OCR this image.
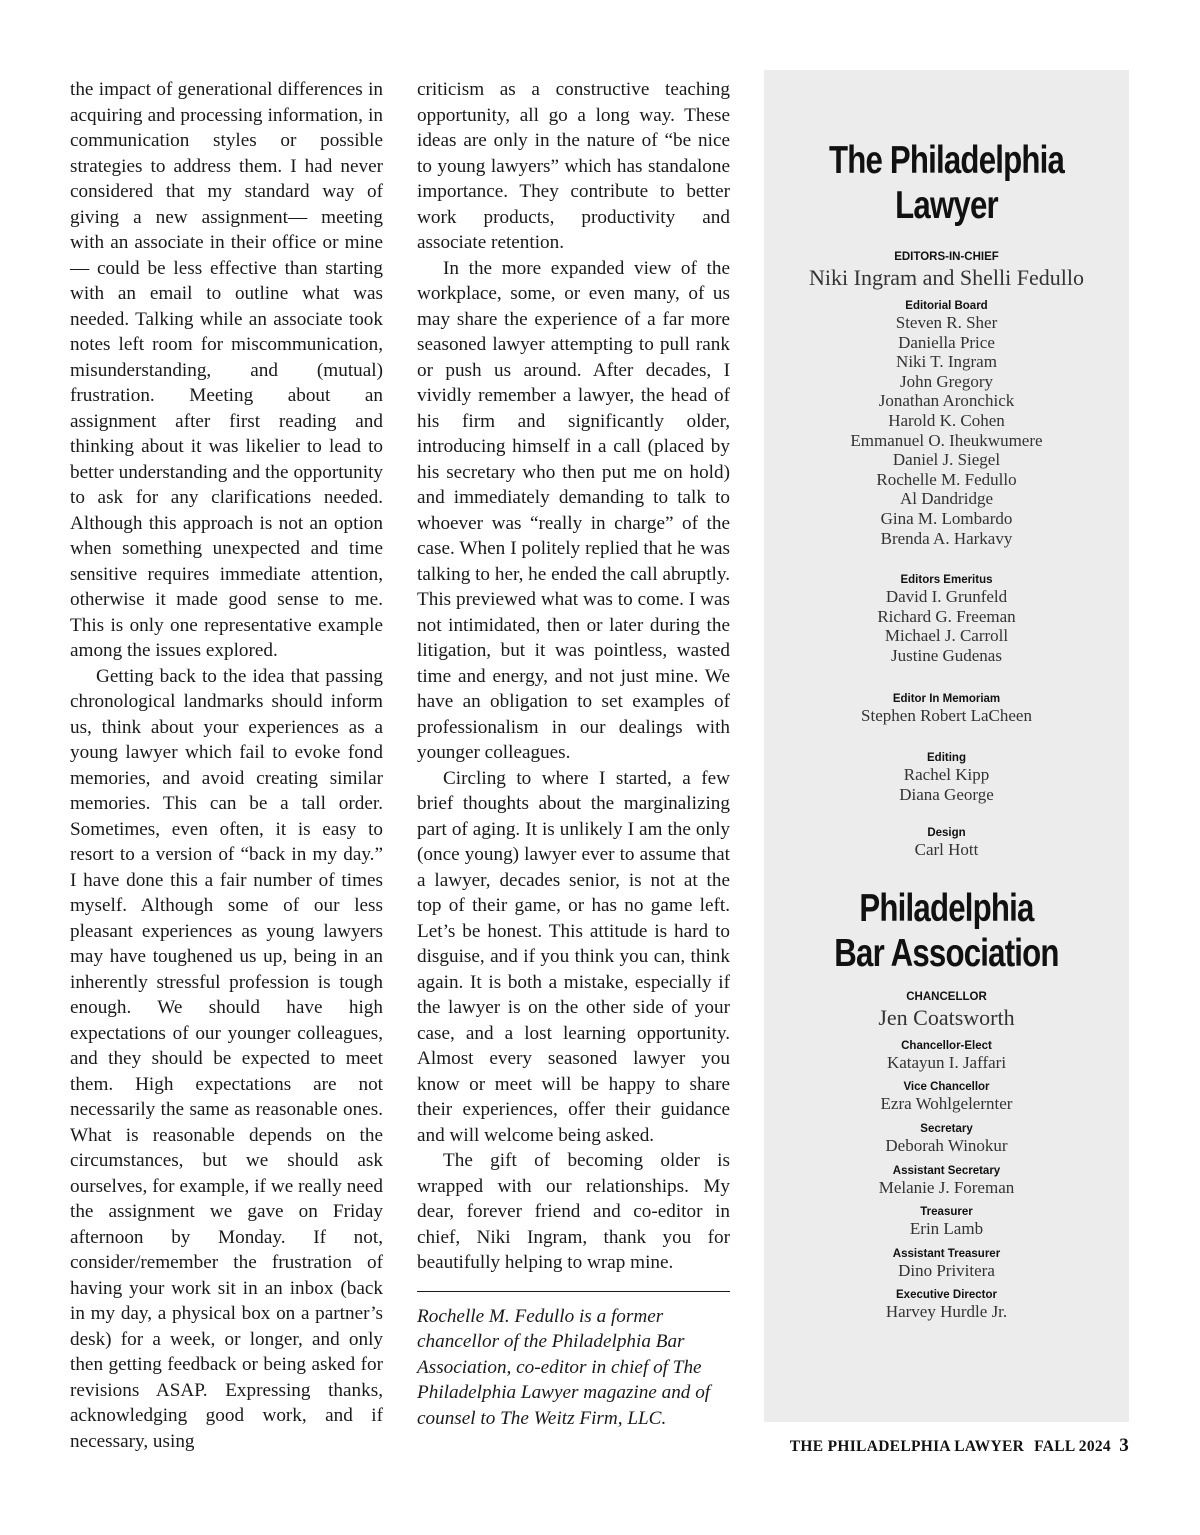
the impact of generational differences in acquiring and processing information, in communication styles or possible strategies to address them. I had never considered that my standard way of giving a new assignment— meeting with an associate in their office or mine — could be less effective than starting with an email to outline what was needed. Talking while an associate took notes left room for miscommunication, misunderstanding, and (mutual) frustration. Meeting about an assignment after first reading and thinking about it was likelier to lead to better understanding and the opportunity to ask for any clarifications needed. Although this approach is not an option when something unexpected and time sensitive requires immediate attention, otherwise it made good sense to me. This is only one representative example among the issues explored.

Getting back to the idea that passing chronological landmarks should inform us, think about your experiences as a young lawyer which fail to evoke fond memories, and avoid creating similar memories. This can be a tall order. Sometimes, even often, it is easy to resort to a version of “back in my day.” I have done this a fair number of times myself. Although some of our less pleasant experiences as young lawyers may have toughened us up, being in an inherently stressful profession is tough enough. We should have high expectations of our younger colleagues, and they should be expected to meet them. High expectations are not necessarily the same as reasonable ones. What is reasonable depends on the circumstances, but we should ask ourselves, for example, if we really need the assignment we gave on Friday afternoon by Monday. If not, consider/remember the frustration of having your work sit in an inbox (back in my day, a physical box on a partner’s desk) for a week, or longer, and only then getting feedback or being asked for revisions ASAP. Expressing thanks, acknowledging good work, and if necessary, using

criticism as a constructive teaching opportunity, all go a long way. These ideas are only in the nature of “be nice to young lawyers” which has standalone importance. They contribute to better work products, productivity and associate retention.

In the more expanded view of the workplace, some, or even many, of us may share the experience of a far more seasoned lawyer attempting to pull rank or push us around. After decades, I vividly remember a lawyer, the head of his firm and significantly older, introducing himself in a call (placed by his secretary who then put me on hold) and immediately demanding to talk to whoever was “really in charge” of the case. When I politely replied that he was talking to her, he ended the call abruptly. This previewed what was to come. I was not intimidated, then or later during the litigation, but it was pointless, wasted time and energy, and not just mine. We have an obligation to set examples of professionalism in our dealings with younger colleagues.

Circling to where I started, a few brief thoughts about the marginalizing part of aging. It is unlikely I am the only (once young) lawyer ever to assume that a lawyer, decades senior, is not at the top of their game, or has no game left. Let’s be honest. This attitude is hard to disguise, and if you think you can, think again. It is both a mistake, especially if the lawyer is on the other side of your case, and a lost learning opportunity. Almost every seasoned lawyer you know or meet will be happy to share their experiences, offer their guidance and will welcome being asked.

The gift of becoming older is wrapped with our relationships. My dear, forever friend and co-editor in chief, Niki Ingram, thank you for beautifully helping to wrap mine.

Rochelle M. Fedullo is a former chancellor of the Philadelphia Bar Association, co-editor in chief of The Philadelphia Lawyer magazine and of counsel to The Weitz Firm, LLC.

The Philadelphia
Lawyer
EDITORS-IN-CHIEF
Niki Ingram and Shelli Fedullo
Editorial Board
Steven R. Sher
Daniella Price
Niki T. Ingram
John Gregory
Jonathan Aronchick
Harold K. Cohen
Emmanuel O. Iheukwumere
Daniel J. Siegel
Rochelle M. Fedullo
Al Dandridge
Gina M. Lombardo
Brenda A. Harkavy
Editors Emeritus
David I. Grunfeld
Richard G. Freeman
Michael J. Carroll
Justine Gudenas
Editor In Memoriam
Stephen Robert LaCheen
Editing
Rachel Kipp
Diana George
Design
Carl Hott
Philadelphia
Bar Association
CHANCELLOR
Jen Coatsworth
Chancellor-Elect
Katayun I. Jaffari
Vice Chancellor
Ezra Wohlgelernter
Secretary
Deborah Winokur
Assistant Secretary
Melanie J. Foreman
Treasurer
Erin Lamb
Assistant Treasurer
Dino Privitera
Executive Director
Harvey Hurdle Jr.
THE PHILADELPHIA LAWYER FALL 2024 3
